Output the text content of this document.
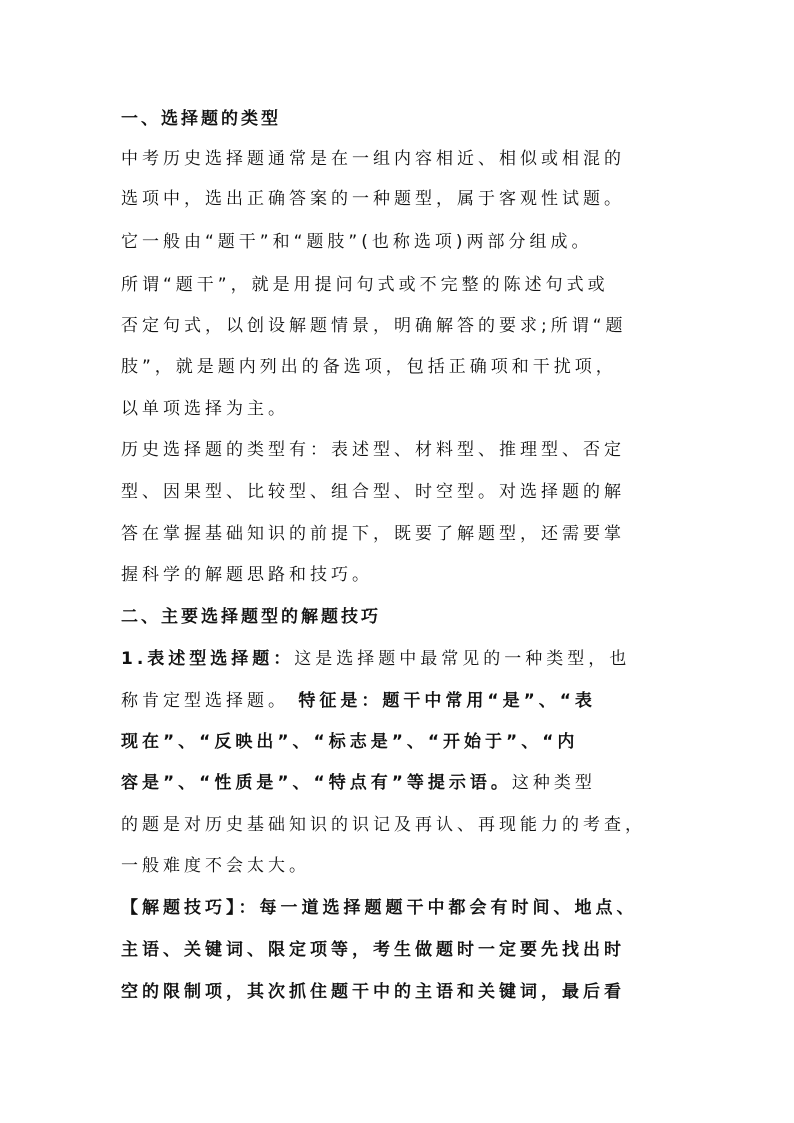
一、选择题的类型
中考历史选择题通常是在一组内容相近、相似或相混的
选项中，选出正确答案的一种题型，属于客观性试题。
它一般由“题干”和“题肢”(也称选项)两部分组成。
所谓“题干”，就是用提问句式或不完整的陈述句式或
否定句式，以创设解题情景，明确解答的要求;所谓“题
肢”，就是题内列出的备选项，包括正确项和干扰项，
以单项选择为主。
历史选择题的类型有：表述型、材料型、推理型、否定
型、因果型、比较型、组合型、时空型。对选择题的解
答在掌握基础知识的前提下，既要了解题型，还需要掌
握科学的解题思路和技巧。
二、主要选择题型的解题技巧
1.表述型选择题：这是选择题中最常见的一种类型，也
称肯定型选择题。 特征是：题干中常用“是”、“表
现在”、“反映出”、“标志是”、“开始于”、“内
容是”、“性质是”、“特点有”等提示语。这种类型
的题是对历史基础知识的识记及再认、再现能力的考查，
一般难度不会太大。
【解题技巧】：每一道选择题题干中都会有时间、地点、
主语、关键词、限定项等，考生做题时一定要先找出时
空的限制项，其次抓住题干中的主语和关键词，最后看
